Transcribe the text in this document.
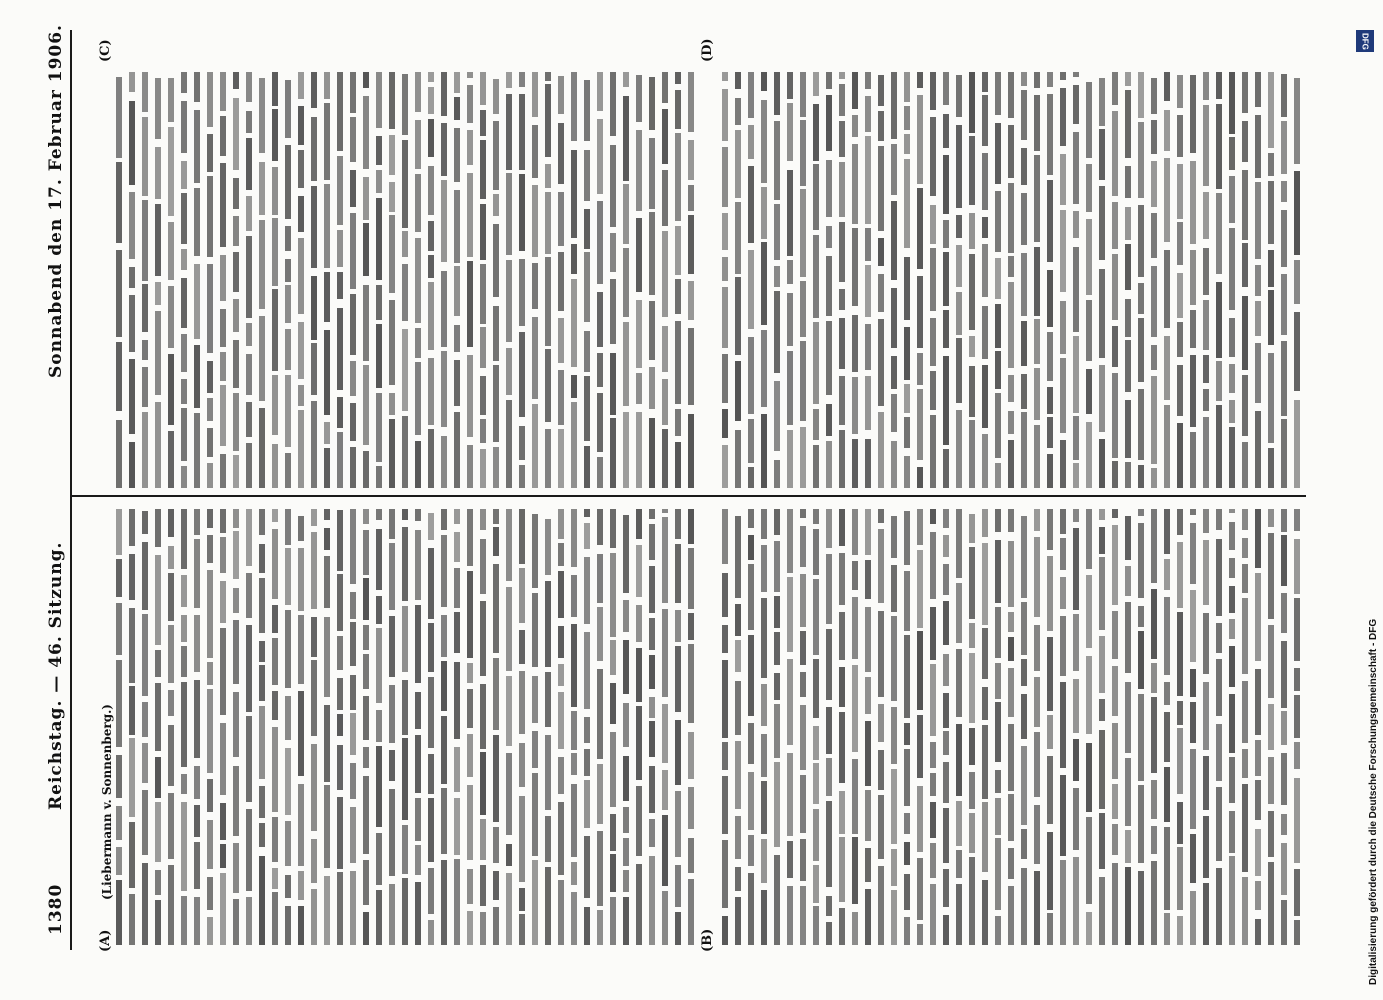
1380
Reichstag. — 46. Sitzung.
Sonnabend den 17. Februar 1906.
(A)	(B)
(C)	(D)
(Liebermann v. Sonnenberg.)
DFG
Digitalisierung gefördert durch die Deutsche Forschungsgemeinschaft - DFG
